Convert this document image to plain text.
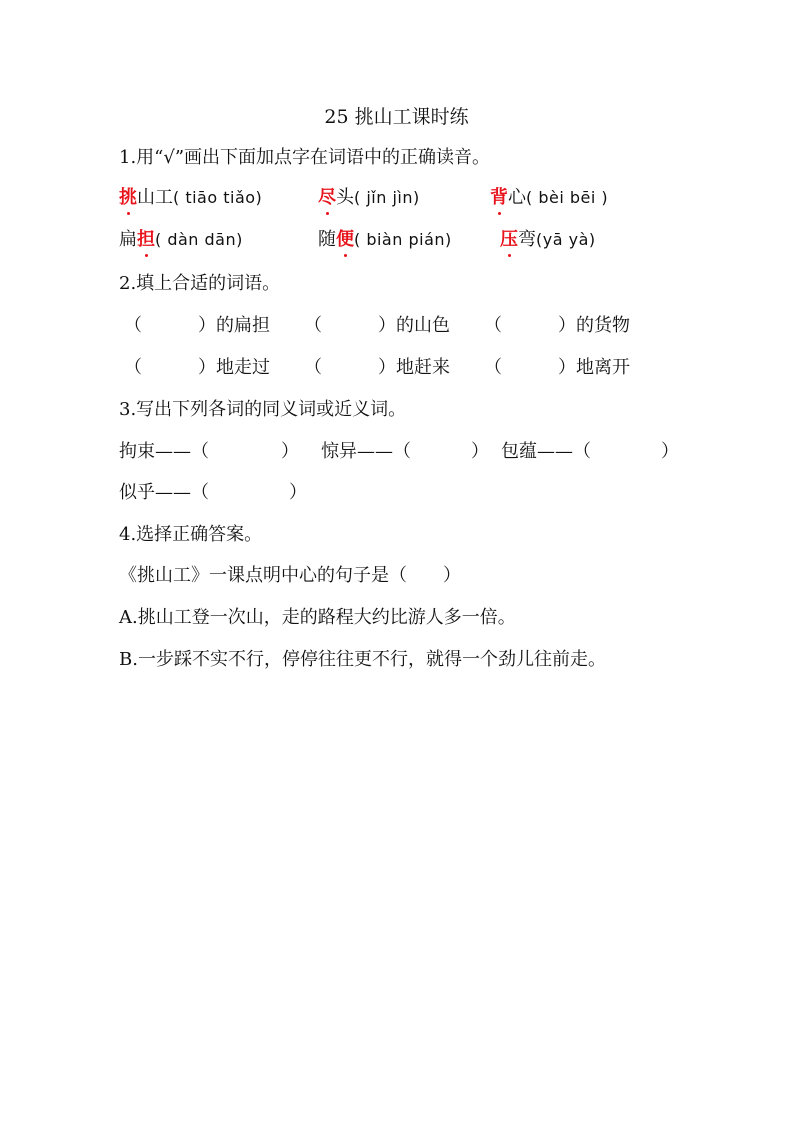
25 挑山工课时练
1.用“√”画出下面加点字在词语中的正确读音。
挑山工( tiāo tiǎo)	尽头( jǐn jìn)	背心( bèi bēi )
扁担( dàn dān)	随便( biàn pián)	压弯(yā yà)
2.填上合适的词语。
（	）的扁担 （	）的山色 （	）的货物
（	）地走过 （	）地赶来 （	）地离开
3.写出下列各词的同义词或近义词。
拘束——（	） 惊异——（	） 包蕴——（	）
似乎——（	）
4.选择正确答案。
《挑山工》一课点明中心的句子是（　　）
A.挑山工登一次山，走的路程大约比游人多一倍。
B.一步踩不实不行，停停往往更不行，就得一个劲儿往前走。
